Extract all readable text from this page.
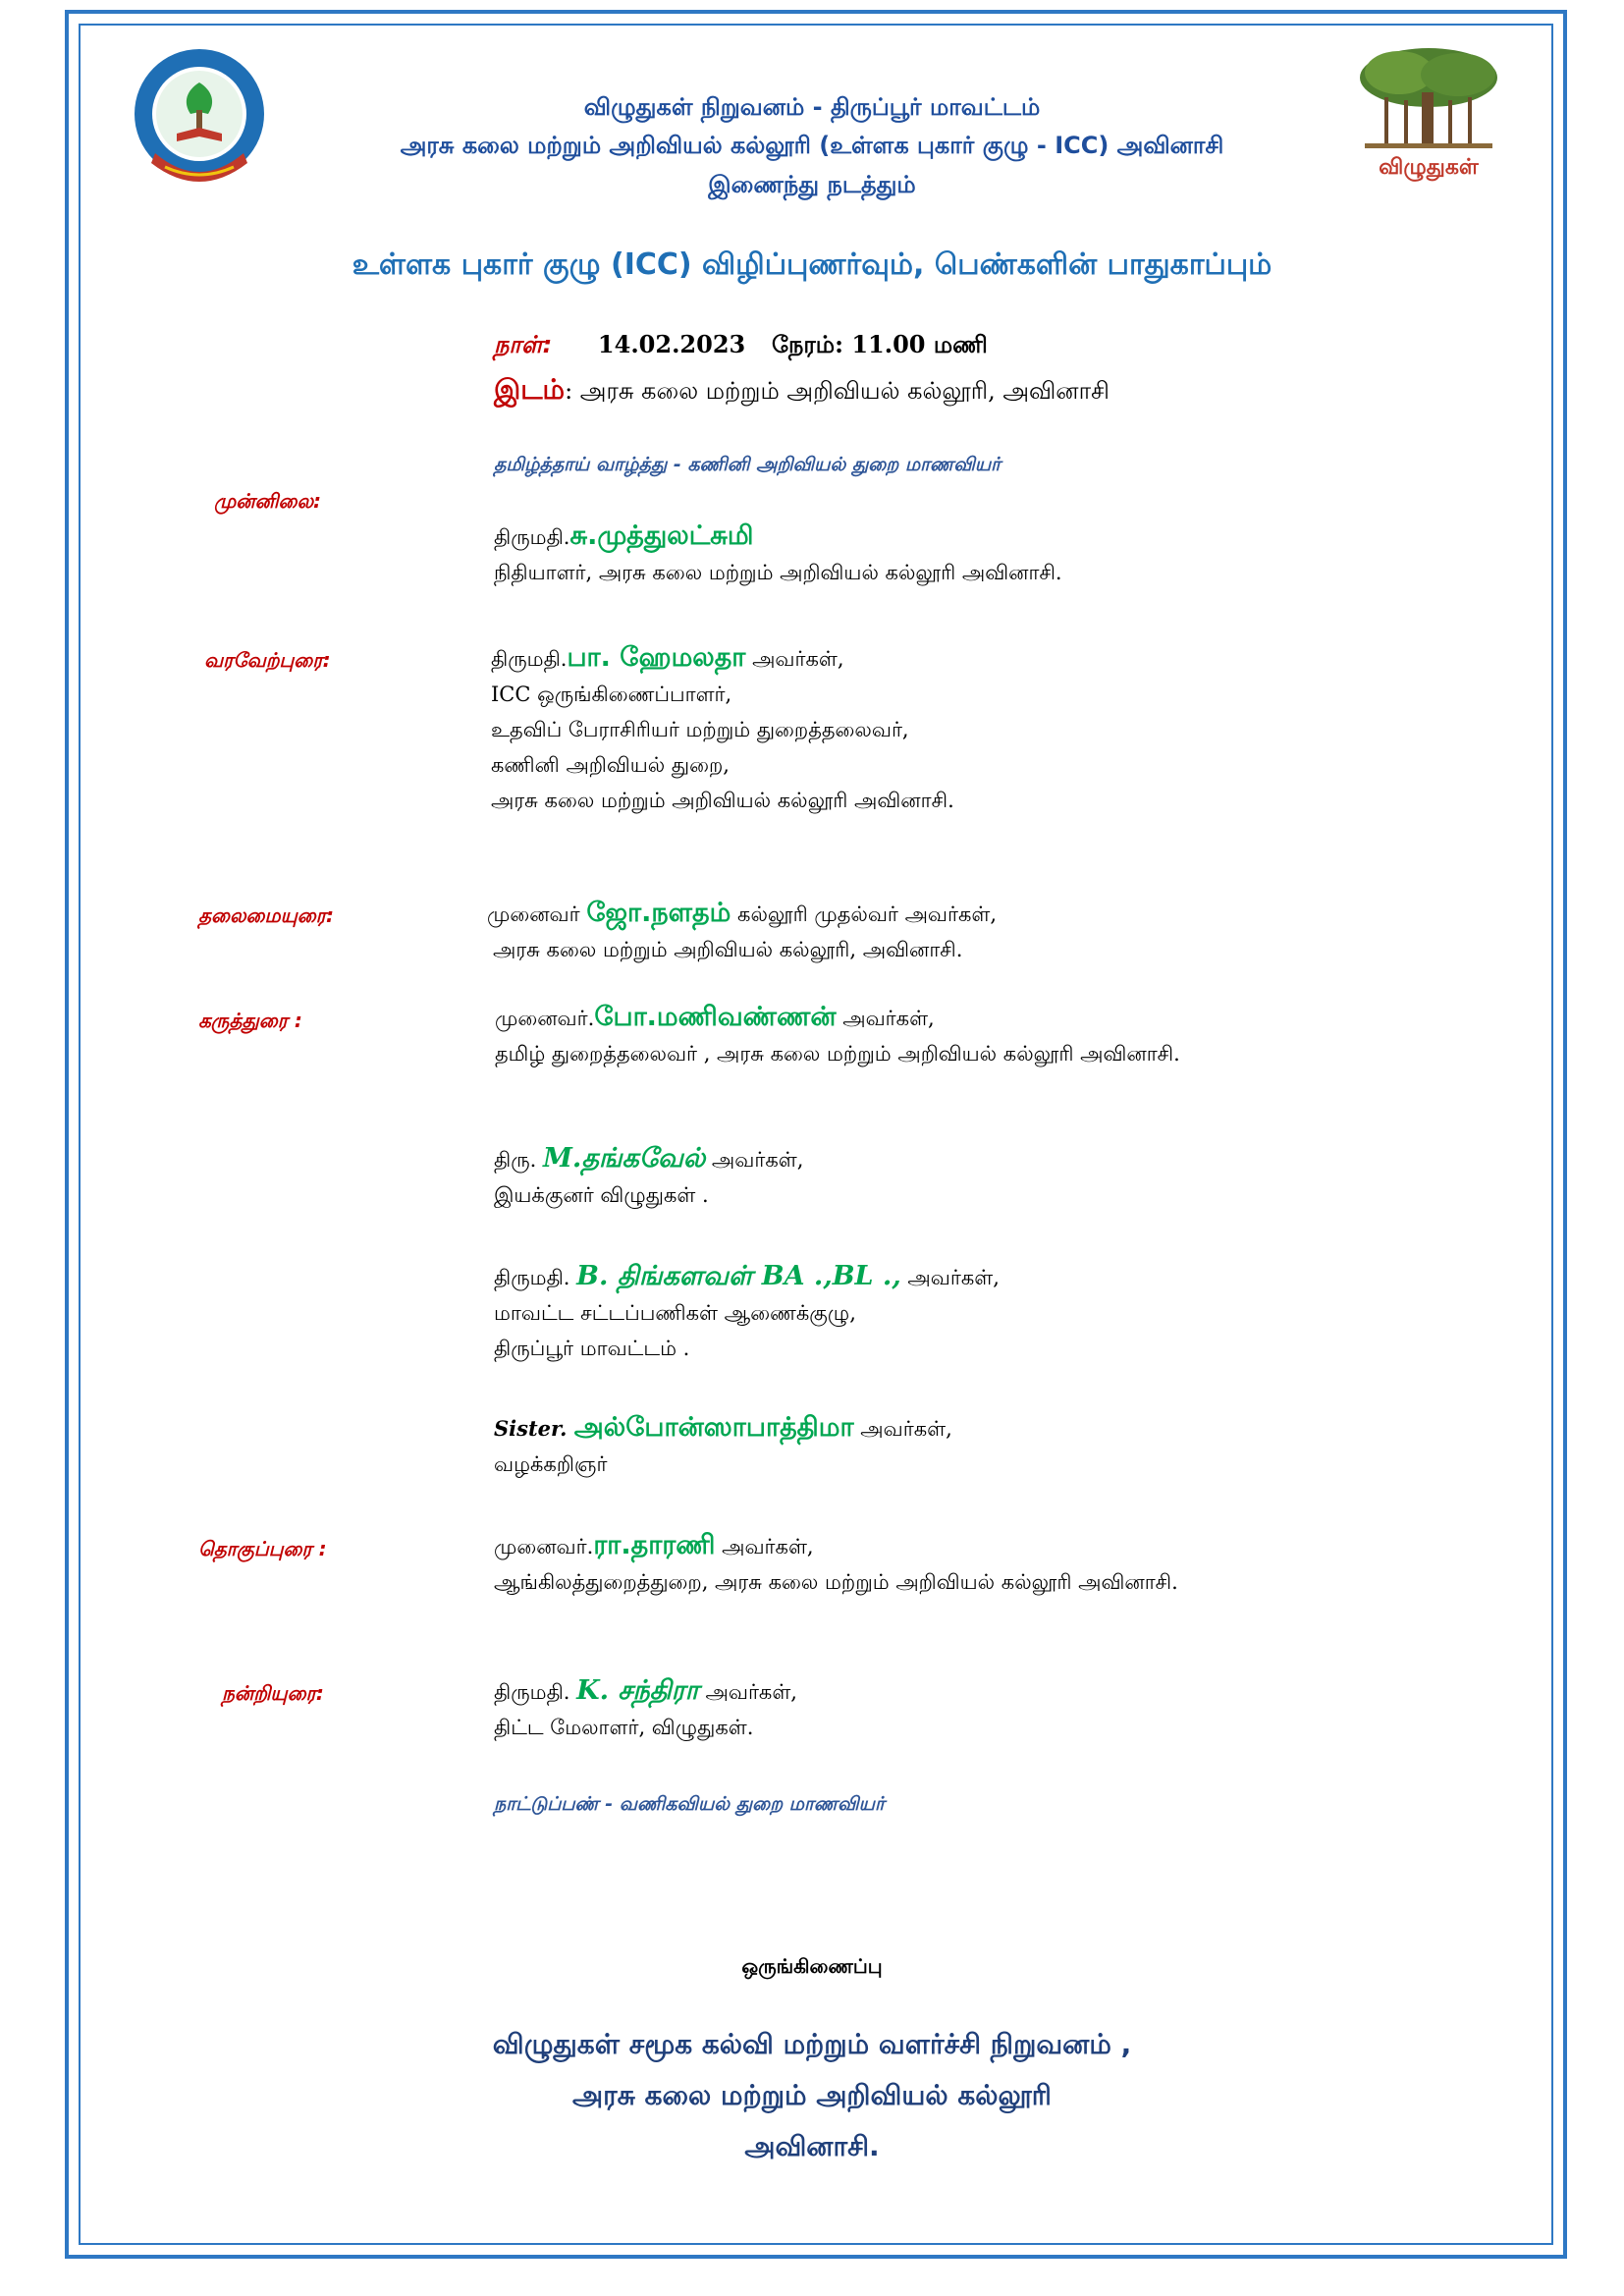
விழுதுகள்
விழுதுகள் நிறுவனம் - திருப்பூர் மாவட்டம்
அரசு கலை மற்றும் அறிவியல் கல்லூரி (உள்ளக புகார் குழு - ICC) அவினாசி
இணைந்து நடத்தும்
உள்ளக புகார் குழு (ICC) விழிப்புணர்வும், பெண்களின் பாதுகாப்பும்
நாள்: 14.02.2023 நேரம்: 11.00 மணி
இடம்: அரசு கலை மற்றும் அறிவியல் கல்லூரி, அவினாசி
தமிழ்த்தாய் வாழ்த்து - கணினி அறிவியல் துறை மாணவியர்
முன்னிலை:
திருமதி.சு.முத்துலட்சுமி
நிதியாளர், அரசு கலை மற்றும் அறிவியல் கல்லூரி அவினாசி.
வரவேற்புரை:	திருமதி.பா. ஹேமலதா அவர்கள்,
ICC ஒருங்கிணைப்பாளர்,
உதவிப் பேராசிரியர் மற்றும் துறைத்தலைவர்,
கணினி அறிவியல் துறை,
அரசு கலை மற்றும் அறிவியல் கல்லூரி அவினாசி.
தலைமையுரை:	முனைவர் ஜோ.நளதம் கல்லூரி முதல்வர் அவர்கள்,
அரசு கலை மற்றும் அறிவியல் கல்லூரி, அவினாசி.
கருத்துரை :	முனைவர்.போ.மணிவண்ணன் அவர்கள்,
தமிழ் துறைத்தலைவர் , அரசு கலை மற்றும் அறிவியல் கல்லூரி அவினாசி.
திரு. M.தங்கவேல் அவர்கள்,
இயக்குனர் விழுதுகள் .
திருமதி. B. திங்களவள் BA .,BL ., அவர்கள்,
மாவட்ட சட்டப்பணிகள் ஆணைக்குழு,
திருப்பூர் மாவட்டம் .
Sister. அல்போன்ஸாபாத்திமா அவர்கள்,
வழக்கறிஞர்
தொகுப்புரை :	முனைவர்.ரா.தாரணி அவர்கள்,
ஆங்கிலத்துறைத்துறை, அரசு கலை மற்றும் அறிவியல் கல்லூரி அவினாசி.
நன்றியுரை:	திருமதி. K. சந்திரா அவர்கள்,
திட்ட மேலாளர், விழுதுகள்.
நாட்டுப்பண் - வணிகவியல் துறை மாணவியர்
ஒருங்கிணைப்பு
விழுதுகள் சமூக கல்வி மற்றும் வளர்ச்சி நிறுவனம் ,
அரசு கலை மற்றும் அறிவியல் கல்லூரி
அவினாசி.
